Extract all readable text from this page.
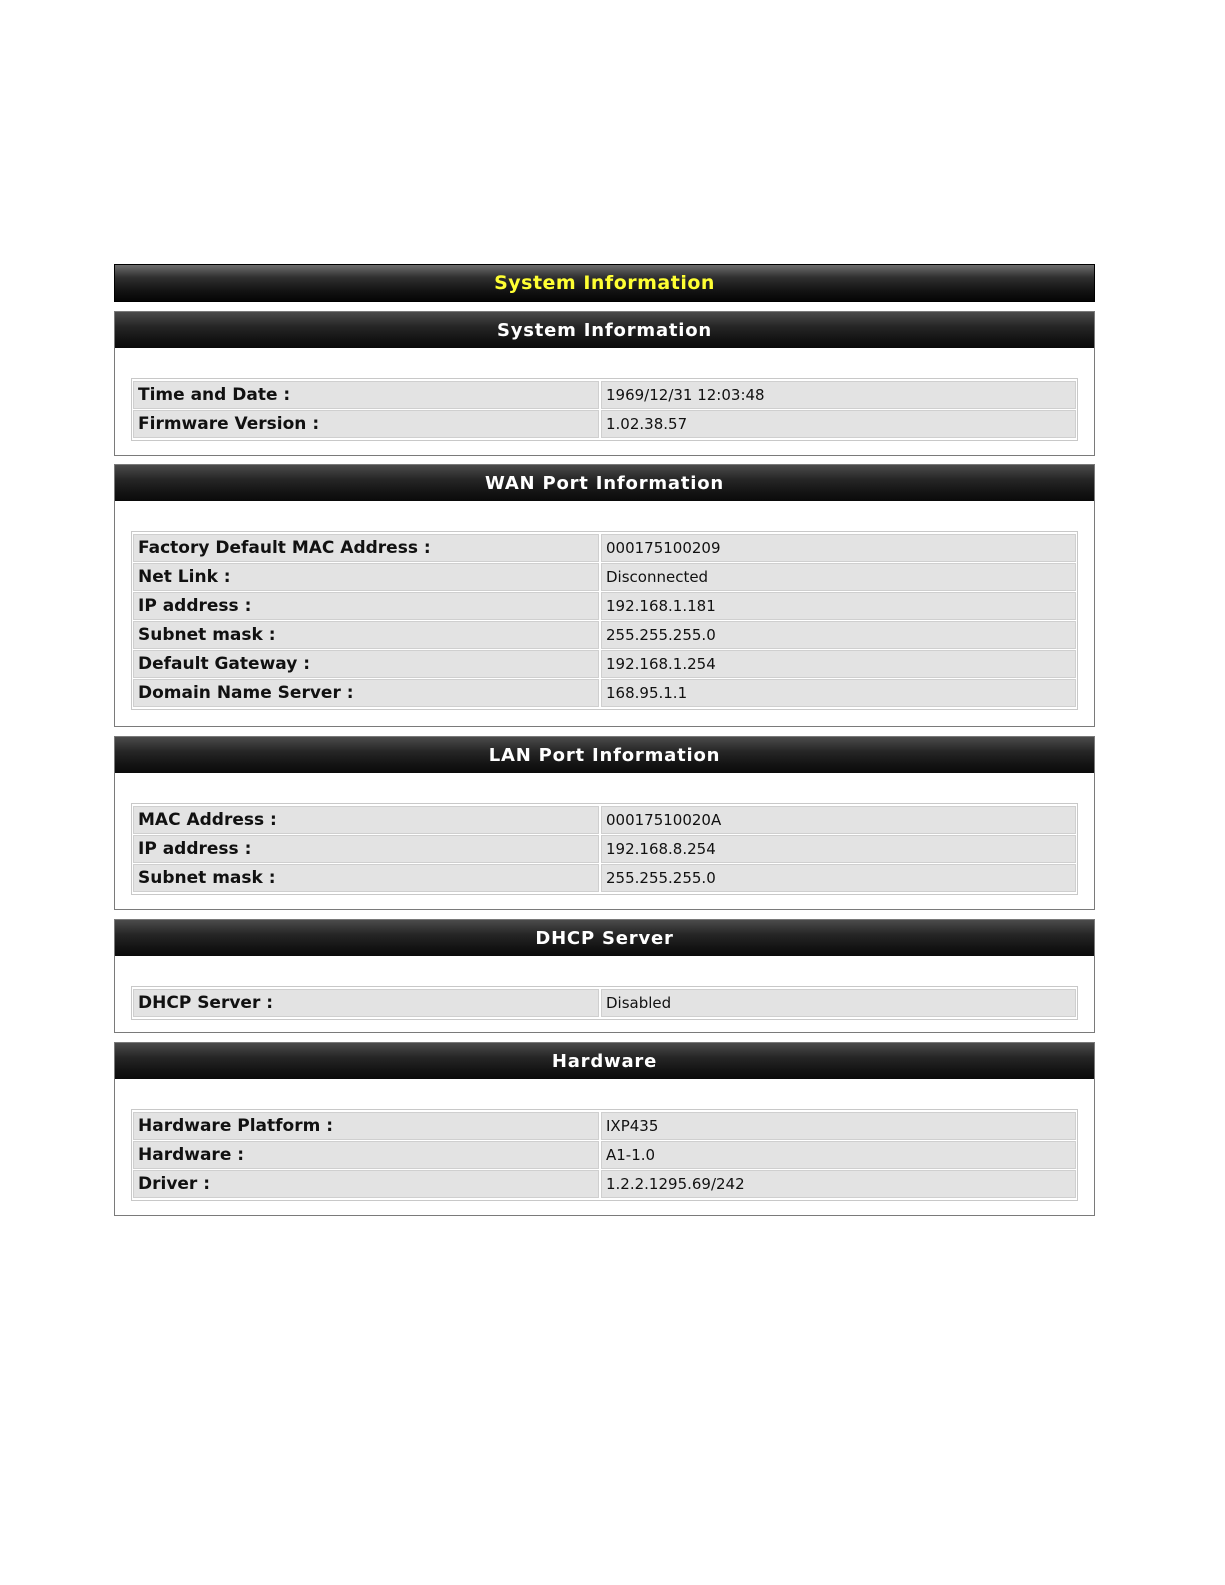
System Information
System Information
Time and Date :	1969/12/31 12:03:48
Firmware Version :	1.02.38.57
WAN Port Information
Factory Default MAC Address :	000175100209
Net Link :	Disconnected
IP address :	192.168.1.181
Subnet mask :	255.255.255.0
Default Gateway :	192.168.1.254
Domain Name Server :	168.95.1.1
LAN Port Information
MAC Address :	00017510020A
IP address :	192.168.8.254
Subnet mask :	255.255.255.0
DHCP Server
DHCP Server :	Disabled
Hardware
Hardware Platform :	IXP435
Hardware :	A1-1.0
Driver :	1.2.2.1295.69/242
